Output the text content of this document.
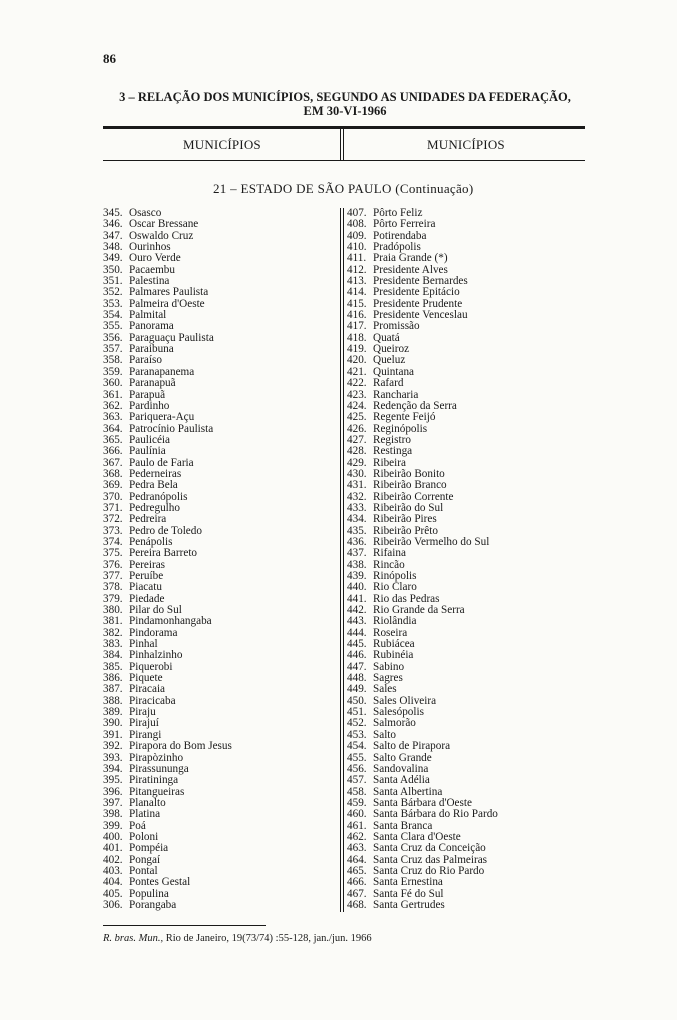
86
3 – RELAÇÃO DOS MUNICÍPIOS, SEGUNDO AS UNIDADES DA FEDERAÇÃO,
EM 30-VI-1966
MUNICÍPIOS	MUNICÍPIOS
21 – ESTADO DE SÃO PAULO (Continuação)
345. Osasco
346. Oscar Bressane
347. Oswaldo Cruz
348. Ourinhos
349. Ouro Verde
350. Pacaembu
351. Palestina
352. Palmares Paulista
353. Palmeira d'Oeste
354. Palmital
355. Panorama
356. Paraguaçu Paulista
357. Paraibuna
358. Paraíso
359. Paranapanema
360. Paranapuã
361. Parapuã
362. Pardinho
363. Pariquera-Açu
364. Patrocínio Paulista
365. Paulicéia
366. Paulínia
367. Paulo de Faria
368. Pederneiras
369. Pedra Bela
370. Pedranópolis
371. Pedregulho
372. Pedreira
373. Pedro de Toledo
374. Penápolis
375. Pereira Barreto
376. Pereiras
377. Peruíbe
378. Piacatu
379. Piedade
380. Pilar do Sul
381. Pindamonhangaba
382. Pindorama
383. Pinhal
384. Pinhalzinho
385. Piquerobi
386. Piquete
387. Piracaia
388. Piracicaba
389. Piraju
390. Pirajuí
391. Pirangi
392. Pirapora do Bom Jesus
393. Pirapòzinho
394. Pirassununga
395. Piratininga
396. Pitangueiras
397. Planalto
398. Platina
399. Poá
400. Poloni
401. Pompéia
402. Pongaí
403. Pontal
404. Pontes Gestal
405. Populina
306. Porangaba
407. Pôrto Feliz
408. Pôrto Ferreira
409. Potirendaba
410. Pradópolis
411. Praia Grande (*)
412. Presidente Alves
413. Presidente Bernardes
414. Presidente Epitácio
415. Presidente Prudente
416. Presidente Venceslau
417. Promissão
418. Quatá
419. Queiroz
420. Queluz
421. Quintana
422. Rafard
423. Rancharia
424. Redenção da Serra
425. Regente Feijó
426. Reginópolis
427. Registro
428. Restinga
429. Ribeira
430. Ribeirão Bonito
431. Ribeirão Branco
432. Ribeirão Corrente
433. Ribeirão do Sul
434. Ribeirão Pires
435. Ribeirão Prêto
436. Ribeirão Vermelho do Sul
437. Rifaina
438. Rincão
439. Rinópolis
440. Rio Claro
441. Rio das Pedras
442. Rio Grande da Serra
443. Riolândia
444. Roseira
445. Rubiácea
446. Rubinéia
447. Sabino
448. Sagres
449. Sales
450. Sales Oliveira
451. Salesópolis
452. Salmorão
453. Salto
454. Salto de Pirapora
455. Salto Grande
456. Sandovalina
457. Santa Adélia
458. Santa Albertina
459. Santa Bárbara d'Oeste
460. Santa Bárbara do Rio Pardo
461. Santa Branca
462. Santa Clara d'Oeste
463. Santa Cruz da Conceição
464. Santa Cruz das Palmeiras
465. Santa Cruz do Rio Pardo
466. Santa Ernestina
467. Santa Fé do Sul
468. Santa Gertrudes
R. bras. Mun., Rio de Janeiro, 19(73/74) :55-128, jan./jun. 1966
